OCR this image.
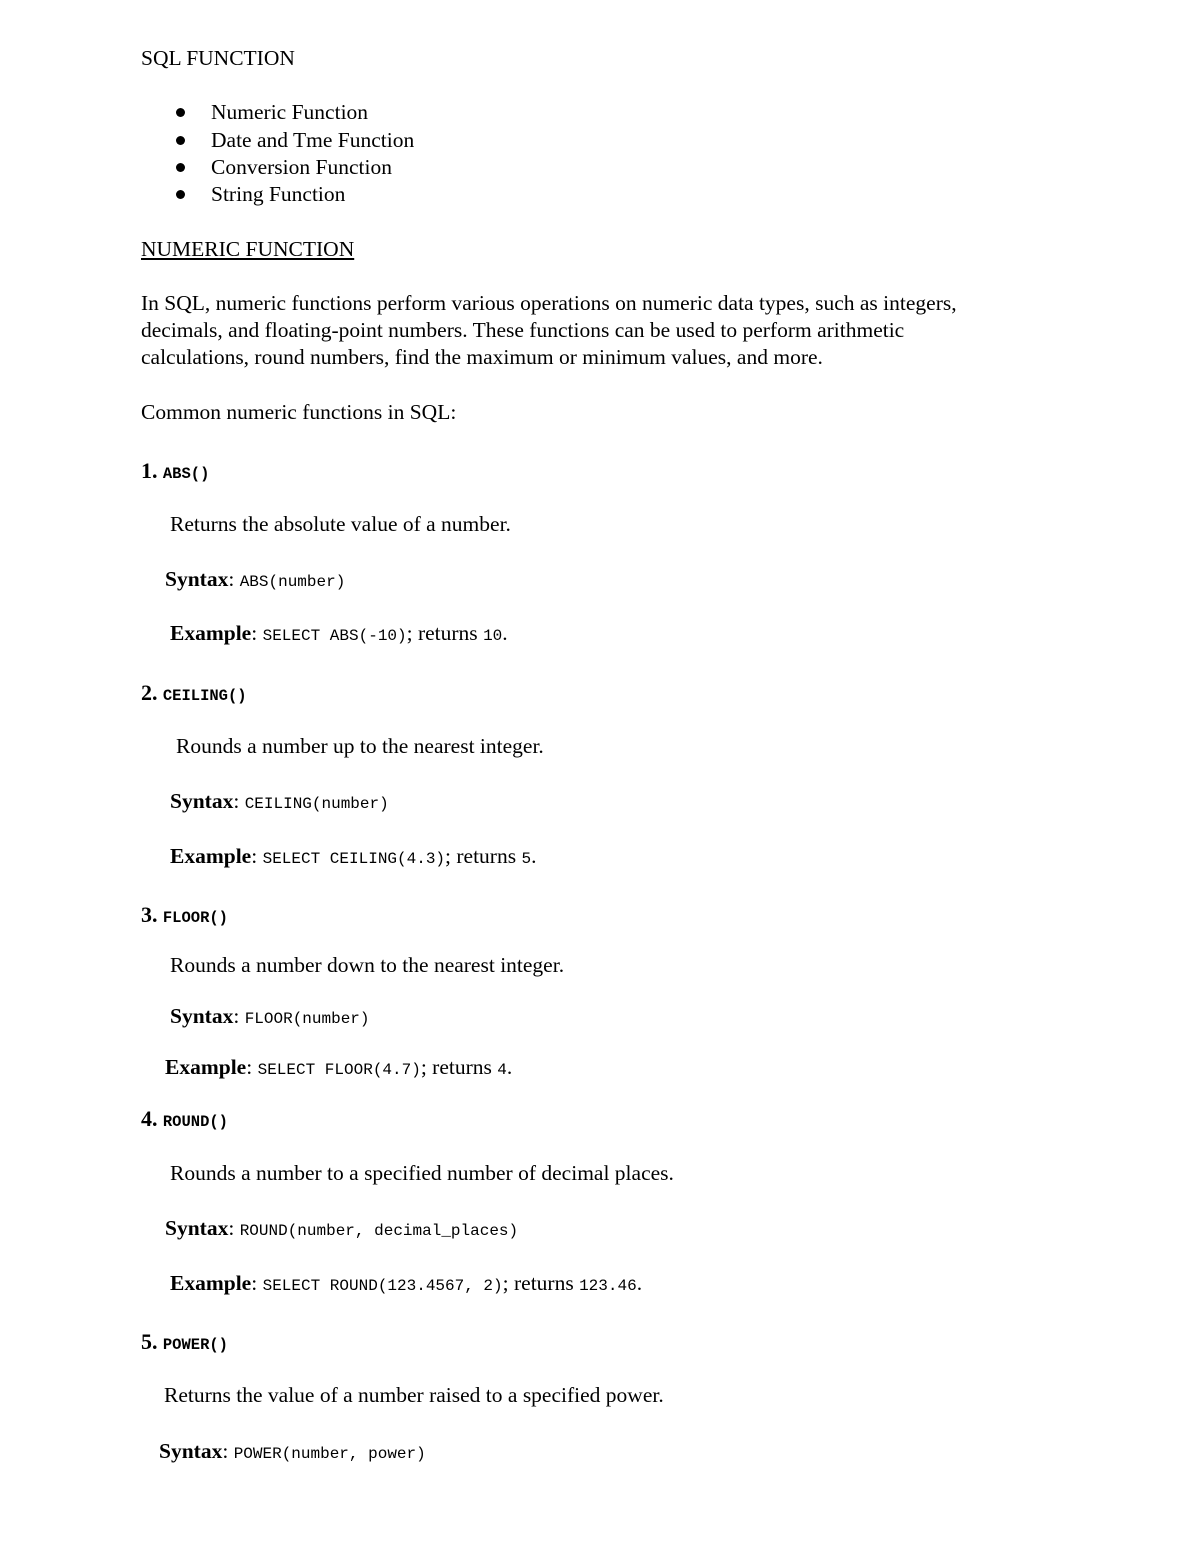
SQL FUNCTION
Numeric Function
Date and Tme Function
Conversion Function
String Function
NUMERIC FUNCTION
In SQL, numeric functions perform various operations on numeric data types, such as integers,
decimals, and floating-point numbers. These functions can be used to perform arithmetic
calculations, round numbers, find the maximum or minimum values, and more.
Common numeric functions in SQL:
1. ABS()
Returns the absolute value of a number.
Syntax: ABS(number)
Example: SELECT ABS(-10); returns 10.
2. CEILING()
Rounds a number up to the nearest integer.
Syntax: CEILING(number)
Example: SELECT CEILING(4.3); returns 5.
3. FLOOR()
Rounds a number down to the nearest integer.
Syntax: FLOOR(number)
Example: SELECT FLOOR(4.7); returns 4.
4. ROUND()
Rounds a number to a specified number of decimal places.
Syntax: ROUND(number, decimal_places)
Example: SELECT ROUND(123.4567, 2); returns 123.46.
5. POWER()
Returns the value of a number raised to a specified power.
Syntax: POWER(number, power)
